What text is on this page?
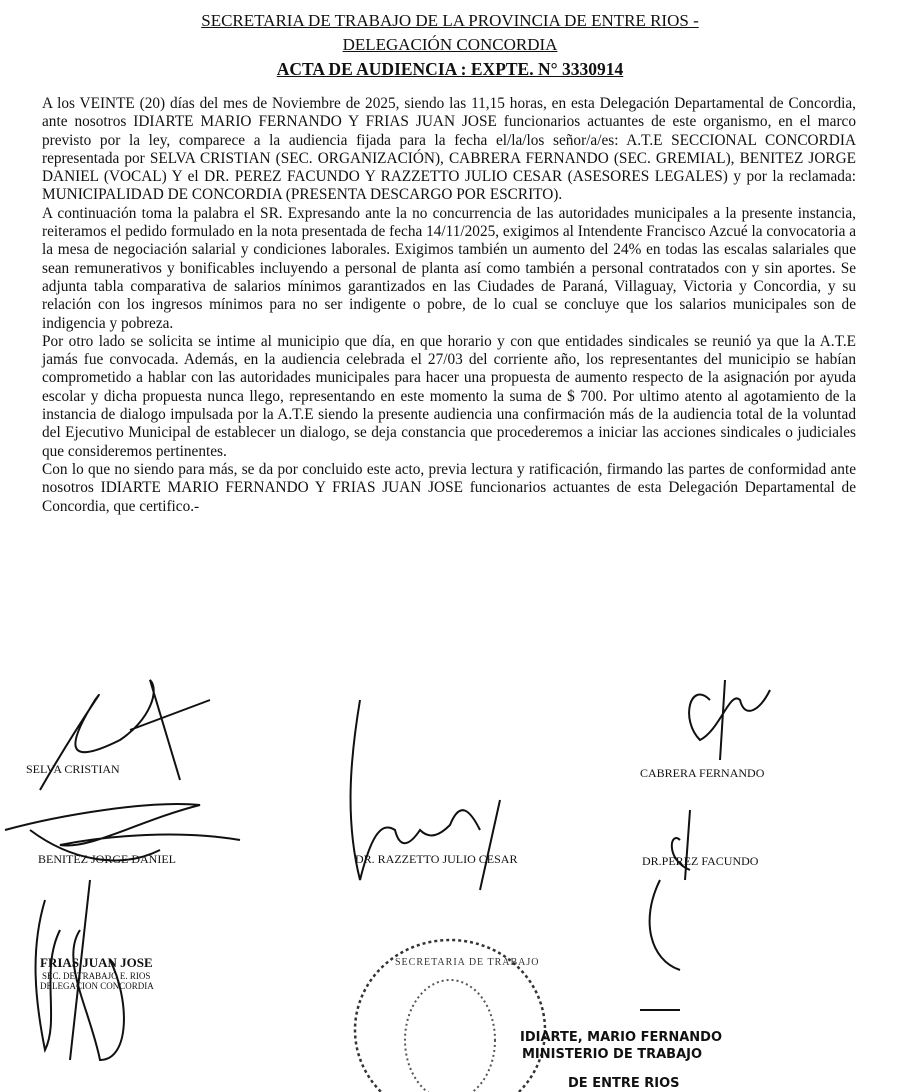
SECRETARIA DE TRABAJO DE LA PROVINCIA DE ENTRE RIOS -
DELEGACIÓN CONCORDIA
ACTA DE AUDIENCIA : EXPTE. N° 3330914

A los VEINTE (20) días del mes de Noviembre de 2025, siendo las 11,15 horas, en esta Delegación Departamental de Concordia, ante nosotros IDIARTE MARIO FERNANDO Y FRIAS JUAN JOSE funcionarios actuantes de este organismo, en el marco previsto por la ley, comparece a la audiencia fijada para la fecha el/la/los señor/a/es: A.T.E SECCIONAL CONCORDIA representada por SELVA CRISTIAN (SEC. ORGANIZACIÓN), CABRERA FERNANDO (SEC. GREMIAL), BENITEZ JORGE DANIEL (VOCAL) Y el DR. PEREZ FACUNDO Y RAZZETTO JULIO CESAR (ASESORES LEGALES) y por la reclamada: MUNICIPALIDAD DE CONCORDIA (PRESENTA DESCARGO POR ESCRITO).

A continuación toma la palabra el SR. Expresando ante la no concurrencia de las autoridades municipales a la presente instancia, reiteramos el pedido formulado en la nota presentada de fecha 14/11/2025, exigimos al Intendente Francisco Azcué la convocatoria a la mesa de negociación salarial y condiciones laborales. Exigimos también un aumento del 24% en todas las escalas salariales que sean remunerativos y bonificables incluyendo a personal de planta así como también a personal contratados con y sin aportes. Se adjunta tabla comparativa de salarios mínimos garantizados en las Ciudades de Paraná, Villaguay, Victoria y Concordia, y su relación con los ingresos mínimos para no ser indigente o pobre, de lo cual se concluye que los salarios municipales son de indigencia y pobreza.

Por otro lado se solicita se intime al municipio que día, en que horario y con que entidades sindicales se reunió ya que la A.T.E jamás fue convocada. Además, en la audiencia celebrada el 27/03 del corriente año, los representantes del municipio se habían comprometido a hablar con las autoridades municipales para hacer una propuesta de aumento respecto de la asignación por ayuda escolar y dicha propuesta nunca llego, representando en este momento la suma de $ 700. Por ultimo atento al agotamiento de la instancia de dialogo impulsada por la A.T.E siendo la presente audiencia una confirmación más de la audiencia total de la voluntad del Ejecutivo Municipal de establecer un dialogo, se deja constancia que procederemos a iniciar las acciones sindicales o judiciales que consideremos pertinentes.

Con lo que no siendo para más, se da por concluido este acto, previa lectura y ratificación, firmando las partes de conformidad ante nosotros IDIARTE MARIO FERNANDO Y FRIAS JUAN JOSE funcionarios actuantes de esta Delegación Departamental de Concordia, que certifico.-

SELVA CRISTIAN	CABRERA FERNANDO
BENITEZ JORGE DANIEL	DR. RAZZETTO JULIO CESAR	DR.PEREZ FACUNDO
FRIAS JUAN JOSE
SEC. DE TRABAJO E. RIOS
DELEGACION CONCORDIA
SECRETARIA DE TRABAJO
IDIARTE, MARIO FERNANDO
MINISTERIO DE TRABAJO
DE ENTRE RIOS
